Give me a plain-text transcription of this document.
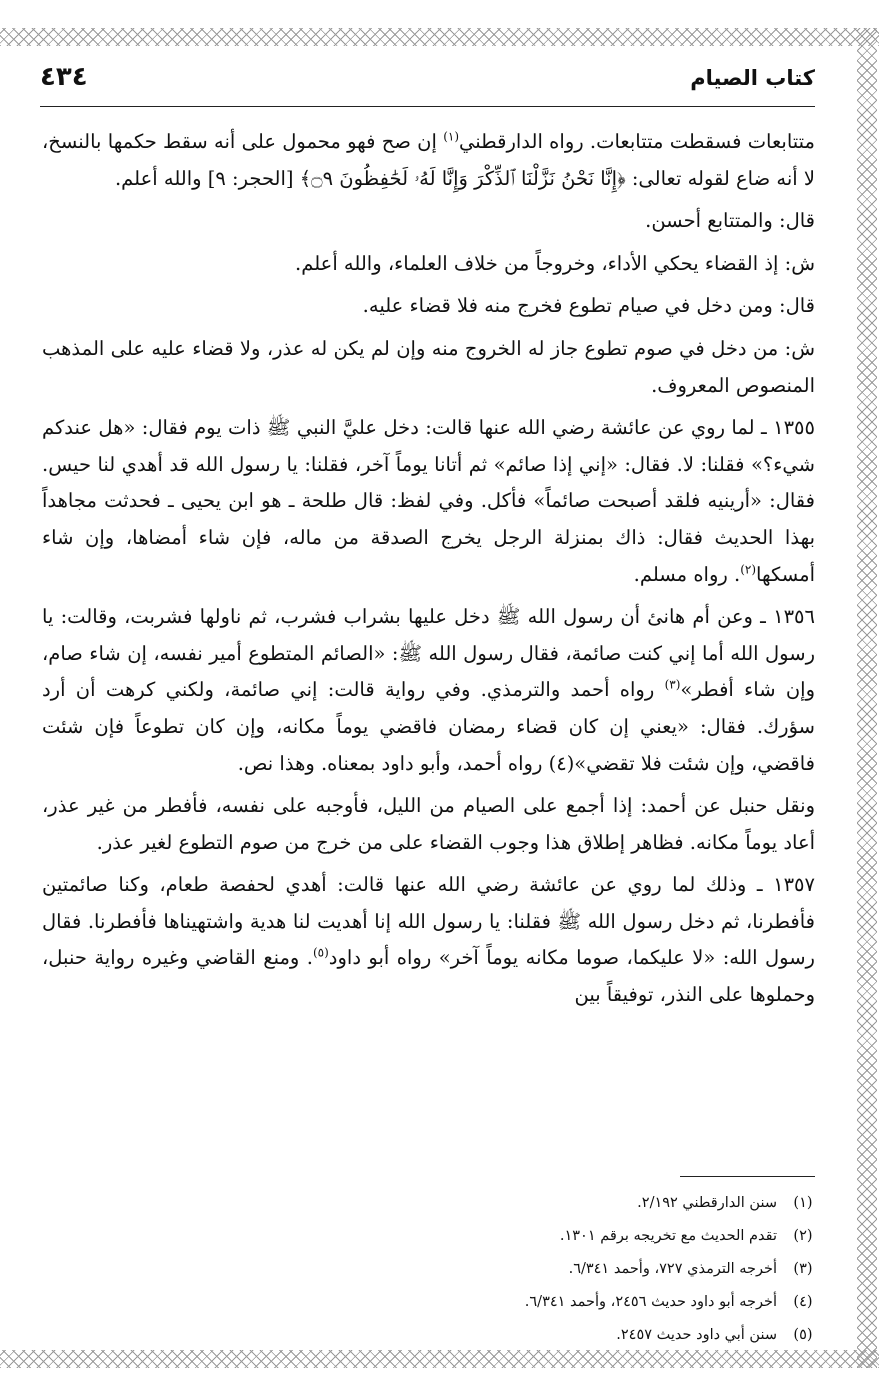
كتاب الصيام
٤٣٤

متتابعات فسقطت متتابعات. رواه الدارقطني$^{(١)}$ إن صح فهو محمول على أنه سقط حكمها بالنسخ، لا أنه ضاع لقوله تعالى: ﴿إِنَّا نَحْنُ نَزَّلْنَا ٱلذِّكْرَ وَإِنَّا لَهُۥ لَحَٰفِظُونَ ۝٩﴾ [الحجر: ٩] والله أعلم.

قال: والمتتابع أحسن.

ش: إذ القضاء يحكي الأداء، وخروجاً من خلاف العلماء، والله أعلم.

قال: ومن دخل في صيام تطوع فخرج منه فلا قضاء عليه.

ش: من دخل في صوم تطوع جاز له الخروج منه وإن لم يكن له عذر، ولا قضاء عليه على المذهب المنصوص المعروف.

١٣٥٥ ـ لما روي عن عائشة رضي الله عنها قالت: دخل عليَّ النبي ﷺ ذات يوم فقال: «هل عندكم شيء؟» فقلنا: لا. فقال: «إني إذا صائم» ثم أتانا يوماً آخر، فقلنا: يا رسول الله قد أهدي لنا حيس. فقال: «أرينيه فلقد أصبحت صائماً» فأكل. وفي لفظ: قال طلحة ـ هو ابن يحيى ـ فحدثت مجاهداً بهذا الحديث فقال: ذاك بمنزلة الرجل يخرج الصدقة من ماله، فإن شاء أمضاها، وإن شاء أمسكها$^{(٢)}$. رواه مسلم.

١٣٥٦ ـ وعن أم هانئ أن رسول الله ﷺ دخل عليها بشراب فشرب، ثم ناولها فشربت، وقالت: يا رسول الله أما إني كنت صائمة، فقال رسول الله ﷺ: «الصائم المتطوع أمير نفسه، إن شاء صام، وإن شاء أفطر»$^{(٣)}$ رواه أحمد والترمذي. وفي رواية قالت: إني صائمة، ولكني كرهت أن أرد سؤرك. فقال: «يعني إن كان قضاء رمضان فاقضي يوماً مكانه، وإن كان تطوعاً فإن شئت فاقضي، وإن شئت فلا تقضي»(٤) رواه أحمد، وأبو داود بمعناه. وهذا نص.

ونقل حنبل عن أحمد: إذا أجمع على الصيام من الليل، فأوجبه على نفسه، فأفطر من غير عذر، أعاد يوماً مكانه. فظاهر إطلاق هذا وجوب القضاء على من خرج من صوم التطوع لغير عذر.

١٣٥٧ ـ وذلك لما روي عن عائشة رضي الله عنها قالت: أهدي لحفصة طعام، وكنا صائمتين فأفطرنا، ثم دخل رسول الله ﷺ فقلنا: يا رسول الله إنا أهديت لنا هدية واشتهيناها فأفطرنا. فقال رسول الله: «لا عليكما، صوما مكانه يوماً آخر» رواه أبو داود$^{(٥)}$. ومنع القاضي وغيره رواية حنبل، وحملوها على النذر، توفيقاً بين

(١)
سنن الدارقطني ٢/١٩٢.
(٢)
تقدم الحديث مع تخريجه برقم ١٣٠١.
(٣)
أخرجه الترمذي ٧٢٧، وأحمد ٦/٣٤١.
(٤)
أخرجه أبو داود حديث ٢٤٥٦، وأحمد ٦/٣٤١.
(٥)
سنن أبي داود حديث ٢٤٥٧.
